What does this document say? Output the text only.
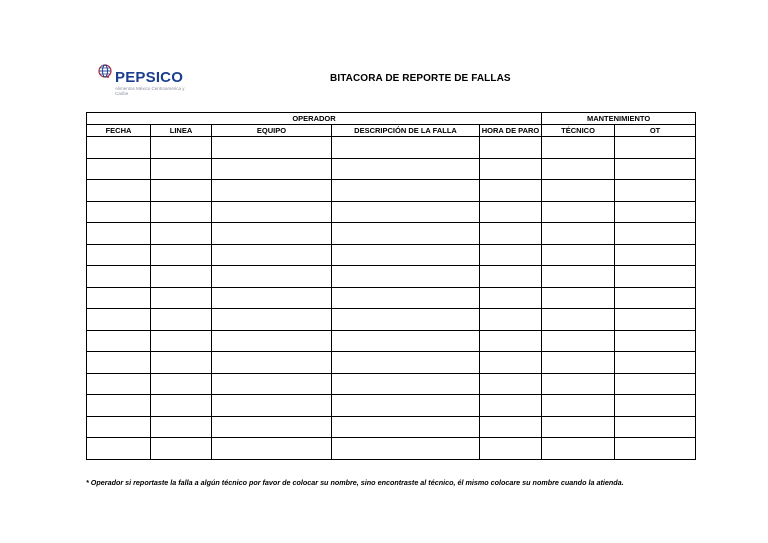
PEPSICO
Alimentos México Centroamérica y Caribe
BITACORA DE REPORTE DE FALLAS
OPERADOR					MANTENIMIENTO	
FECHA	LINEA	EQUIPO	DESCRIPCIÓN DE LA FALLA	HORA DE PARO	TÉCNICO	OT

* Operador si reportaste la falla a algún técnico por favor de colocar su nombre, sino encontraste al técnico, él mismo colocare su nombre cuando la atienda.
